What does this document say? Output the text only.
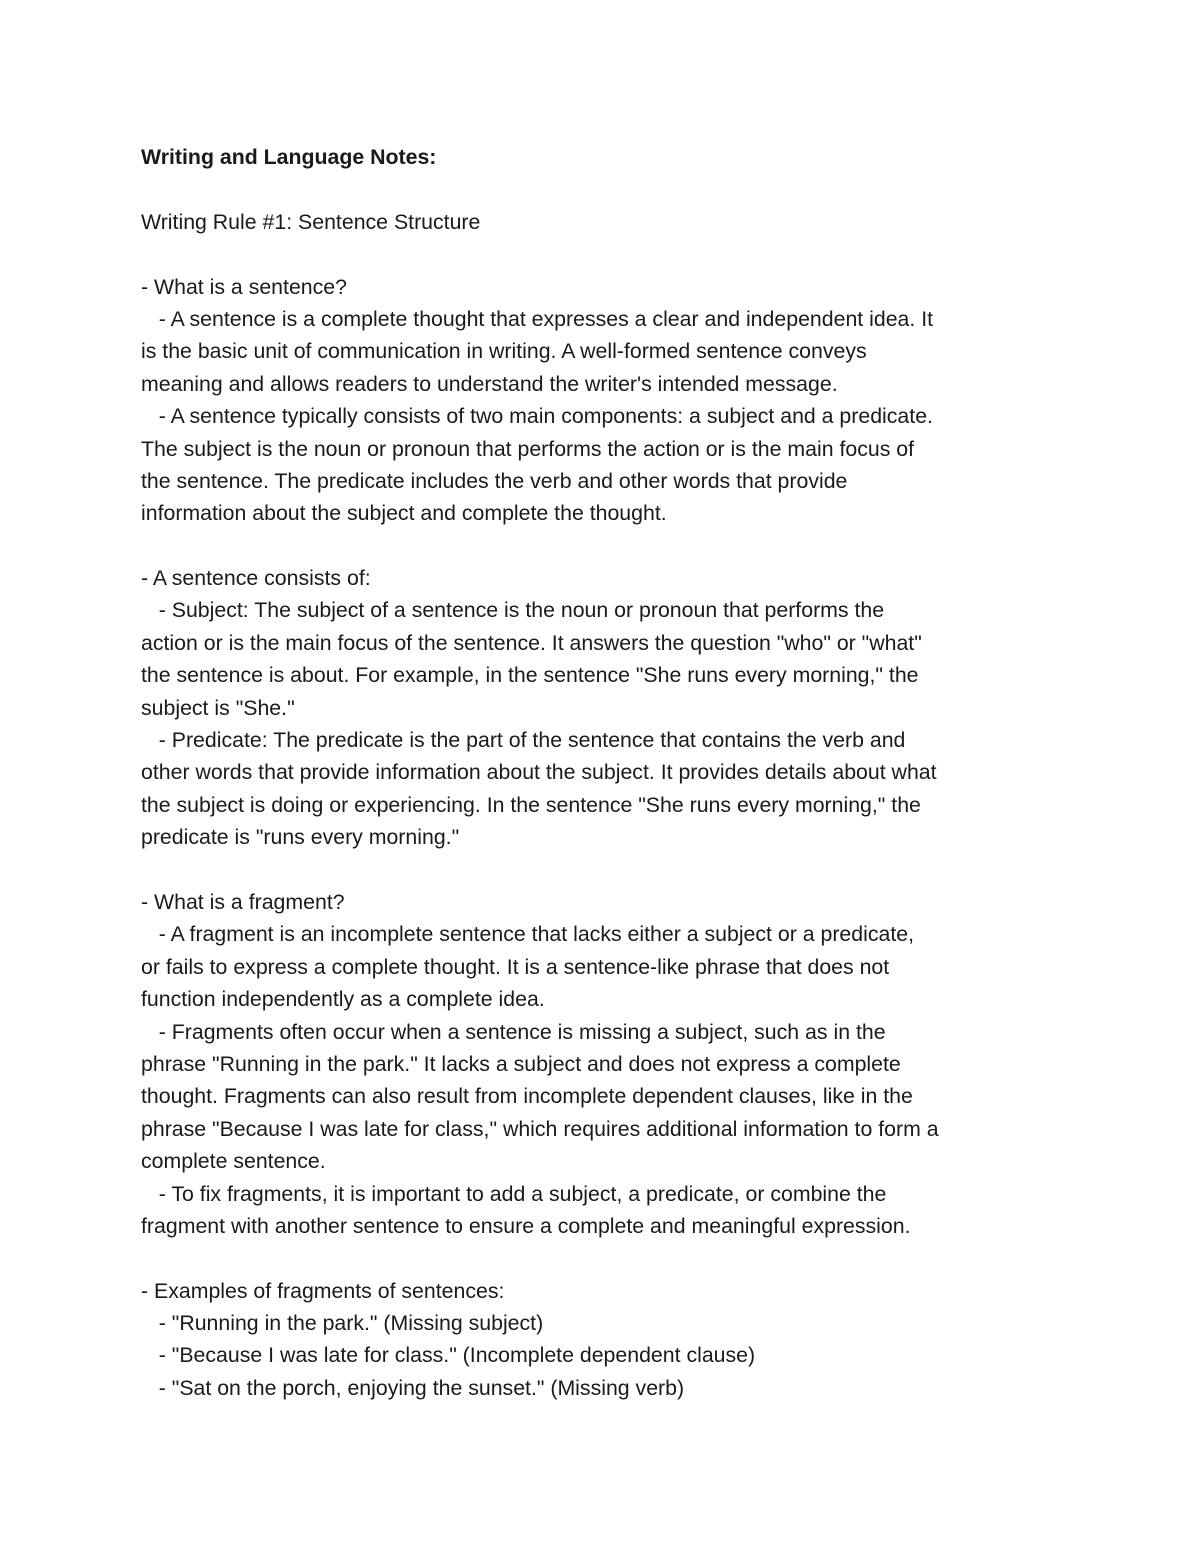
Writing and Language Notes:
Writing Rule #1: Sentence Structure
- What is a sentence?
- A sentence is a complete thought that expresses a clear and independent idea. It
is the basic unit of communication in writing. A well-formed sentence conveys
meaning and allows readers to understand the writer's intended message.
- A sentence typically consists of two main components: a subject and a predicate.
The subject is the noun or pronoun that performs the action or is the main focus of
the sentence. The predicate includes the verb and other words that provide
information about the subject and complete the thought.
- A sentence consists of:
- Subject: The subject of a sentence is the noun or pronoun that performs the
action or is the main focus of the sentence. It answers the question "who" or "what"
the sentence is about. For example, in the sentence "She runs every morning," the
subject is "She."
- Predicate: The predicate is the part of the sentence that contains the verb and
other words that provide information about the subject. It provides details about what
the subject is doing or experiencing. In the sentence "She runs every morning," the
predicate is "runs every morning."
- What is a fragment?
- A fragment is an incomplete sentence that lacks either a subject or a predicate,
or fails to express a complete thought. It is a sentence-like phrase that does not
function independently as a complete idea.
- Fragments often occur when a sentence is missing a subject, such as in the
phrase "Running in the park." It lacks a subject and does not express a complete
thought. Fragments can also result from incomplete dependent clauses, like in the
phrase "Because I was late for class," which requires additional information to form a
complete sentence.
- To fix fragments, it is important to add a subject, a predicate, or combine the
fragment with another sentence to ensure a complete and meaningful expression.
- Examples of fragments of sentences:
- "Running in the park." (Missing subject)
- "Because I was late for class." (Incomplete dependent clause)
- "Sat on the porch, enjoying the sunset." (Missing verb)
